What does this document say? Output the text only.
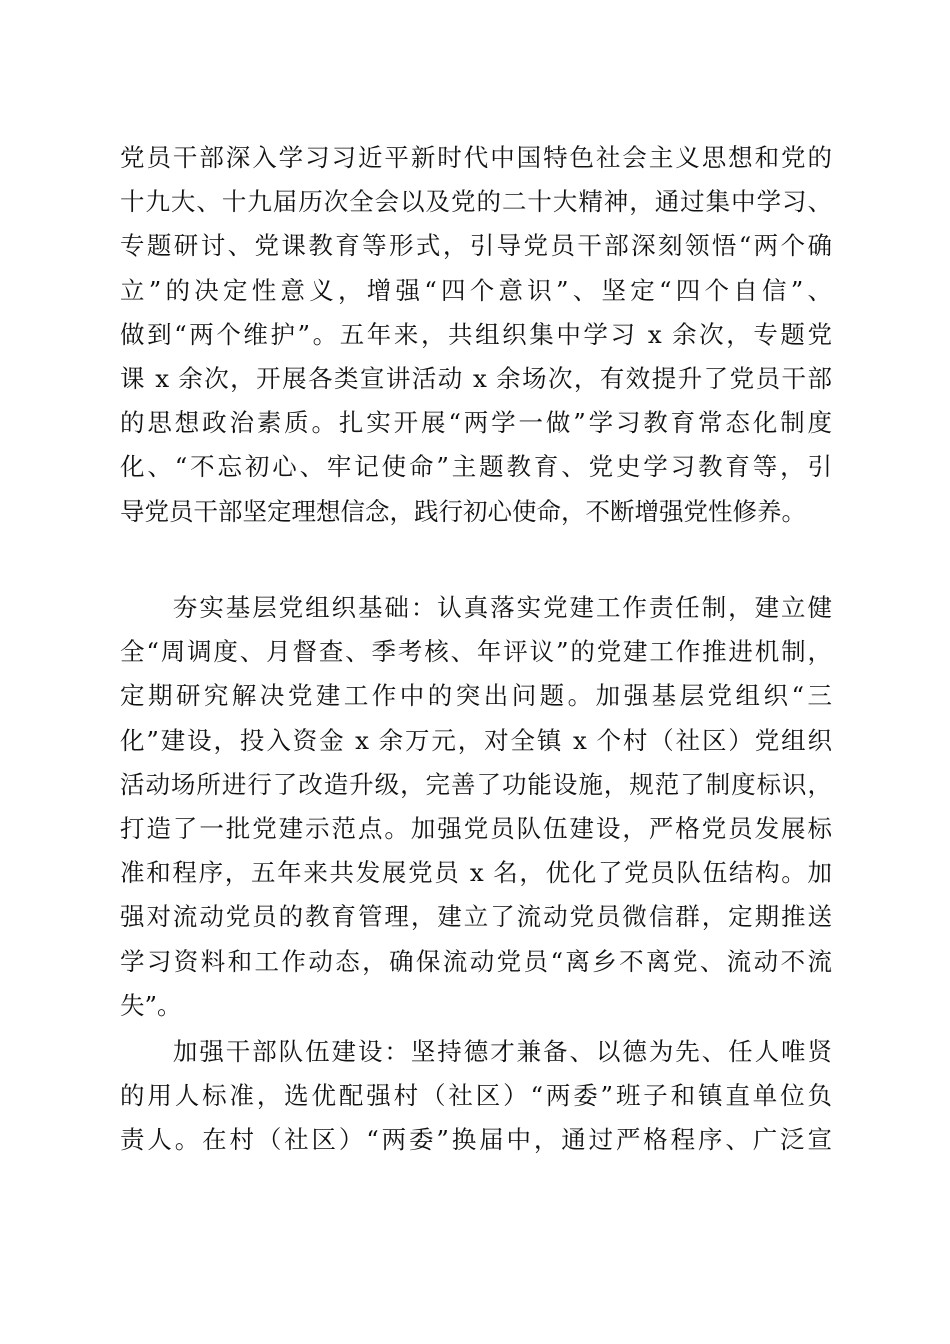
党员干部深入学习习近平新时代中国特色社会主义思想和党的
十九大、十九届历次全会以及党的二十大精神，通过集中学习、
专题研讨、党课教育等形式，引导党员干部深刻领悟“两个确
立”的决定性意义，增强“四个意识”、坚定“四个自信”、
做到“两个维护”。五年来，共组织集中学习 x 余次，专题党
课 x 余次，开展各类宣讲活动 x 余场次，有效提升了党员干部
的思想政治素质。扎实开展“两学一做”学习教育常态化制度
化、“不忘初心、牢记使命”主题教育、党史学习教育等，引
导党员干部坚定理想信念，践行初心使命，不断增强党性修养。
　　夯实基层党组织基础：认真落实党建工作责任制，建立健
全“周调度、月督查、季考核、年评议”的党建工作推进机制，
定期研究解决党建工作中的突出问题。加强基层党组织“三
化”建设，投入资金 x 余万元，对全镇 x 个村（社区）党组织
活动场所进行了改造升级，完善了功能设施，规范了制度标识，
打造了一批党建示范点。加强党员队伍建设，严格党员发展标
准和程序，五年来共发展党员 x 名，优化了党员队伍结构。加
强对流动党员的教育管理，建立了流动党员微信群，定期推送
学习资料和工作动态，确保流动党员“离乡不离党、流动不流
失”。
　　加强干部队伍建设：坚持德才兼备、以德为先、任人唯贤
的用人标准，选优配强村（社区）“两委”班子和镇直单位负
责人。在村（社区）“两委”换届中，通过严格程序、广泛宣
